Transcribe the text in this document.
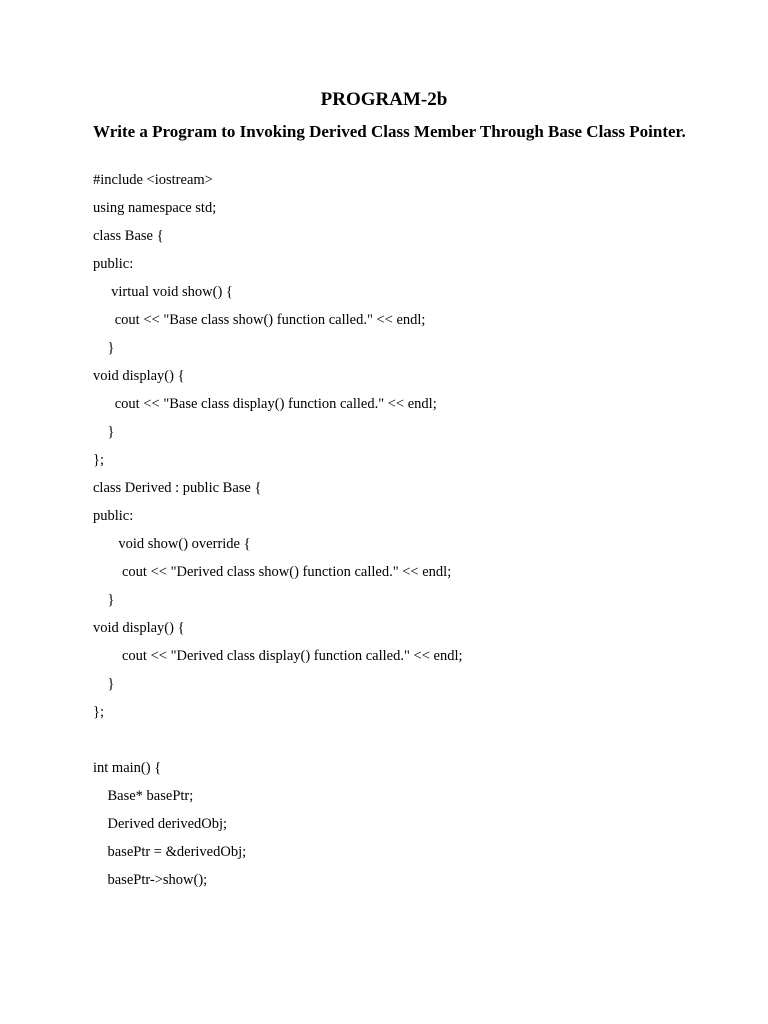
PROGRAM-2b
Write a Program to Invoking Derived Class Member Through Base Class Pointer.
#include <iostream>
using namespace std;
class Base {
public:
virtual void show() {
cout << "Base class show() function called." << endl;
}
void display() {
cout << "Base class display() function called." << endl;
}
};
class Derived : public Base {
public:
void show() override {
cout << "Derived class show() function called." << endl;
}
void display() {
cout << "Derived class display() function called." << endl;
}
};
int main() {
Base* basePtr;
Derived derivedObj;
basePtr = &derivedObj;
basePtr->show();
